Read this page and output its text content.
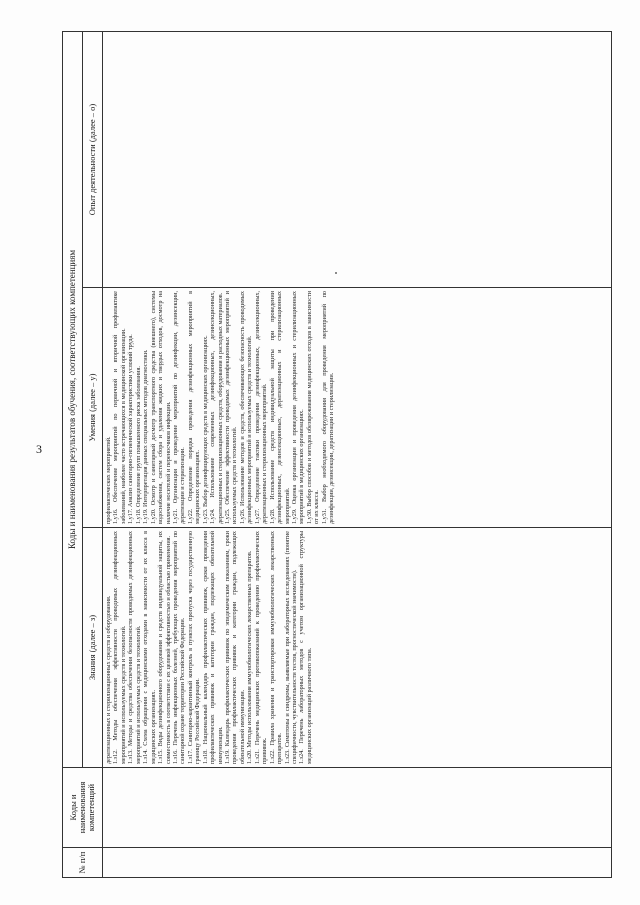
3
№ п/п
Коды и наименования компетенций
Коды и наименования результатов обучения, соответствующих компетенциям
Знания (далее – з)
Умения (далее – у)
Опыт деятельности (далее – о)
дератизационных и стерилизационных средств и оборудования. 1.з12. Методы обеспечения эффективности проводимых дезинфекционных мероприятий и используемых средств и технологий. 1.з13. Методы и средства обеспечения безопасности проводимых дезинфекционных мероприятий и используемых средств и технологий. 1.з14. Схема обращения с медицинскими отходами в зависимости от их класса в медицинских организациях. 1.з15. Виды дезинфекционного оборудования и средств индивидуальной защиты, их совместимость в соответствии с их целевой эффективностью и областью применения. 1.з16. Перечень инфекционных болезней, требующих проведения мероприятий по санитарной охране территории Российской Федерации. 1.з17. Санитарно-карантинный контроль в пунктах пропуска через государственную границу Российской Федерации. 1.з18. Национальный календарь профилактических прививок, сроки проведения профилактических прививок и категории граждан, подлежащих обязательной иммунизации. 1.з19. Календарь профилактических прививок по эпидемическим показаниям, сроки проведения профилактических прививок и категории граждан, подлежащих обязательной иммунизации. 1.з20. Методы использования иммунобиологических лекарственных препаратов. 1.з21. Перечень медицинских противопоказаний к проведению профилактических прививок. 1.з22. Правила хранения и транспортировки иммунобиологических лекарственных препаратов. 1.з23. Симптомы и синдромы, выявляемые при лабораторных исследованиях (понятие специфичности, чувствительности тестов, прогностической значимости). 1.з24. Перечень лабораторных методов с учетом организационной структуры медицинских организаций различного типа.
профилактических мероприятий. 1.у16. Обеспечение мероприятий по первичной и вторичной профилактике заболеваний, наиболее часто встречающихся в медицинской организации. 1.у17. Анализ санитарно-гигиенической характеристики условий труда. 1.у18. Определение групп повышенного риска заболевания. 1.у19. Интерпретация данных специальных методов диагностики. 1.у20. Осмотр и санитарный досмотр транспортного средства (внешнего), системы водоснабжения, систем сбора и удаления жидких и твердых отходов, досмотр на наличие носителей и переносчиков инфекции. 1.у21. Организация и проведение мероприятий по дезинфекции, дезинсекции, дератизации и стерилизации. 1.у22. Определение порядка проведения дезинфекционных мероприятий в медицинских организациях. 1.у23. Выбор дезинфицирующих средств в медицинских организациях. 1.у24. Использование современных дезинфекционных, дезинсекционных, дератизационных и стерилизационных средств, оборудования и расходных материалов. 1.у25. Обеспечение эффективности проводимых дезинфекционных мероприятий и используемых средств и технологий. 1.у26. Использование методов и средств, обеспечивающих безопасность проводимых дезинфекционных мероприятий и используемых средств и технологий. 1.у27. Определение тактики проведения дезинфекционных, дезинсекционных, дератизационных и стерилизационных мероприятий. 1.у28. Использование средств индивидуальной защиты при проведении дезинфекционных, дезинсекционных, дератизационных и стерилизационных мероприятий. 1.у29. Оценка организации и проведения дезинфекционных и стерилизационных мероприятий в медицинских организациях. 1.у30. Выбор способов и методов обезвреживания медицинских отходов в зависимости от их класса. 1.у31. Выбор необходимого оборудования для проведения мероприятий по дезинфекции, дезинсекции, дератизации и стерилизации.
